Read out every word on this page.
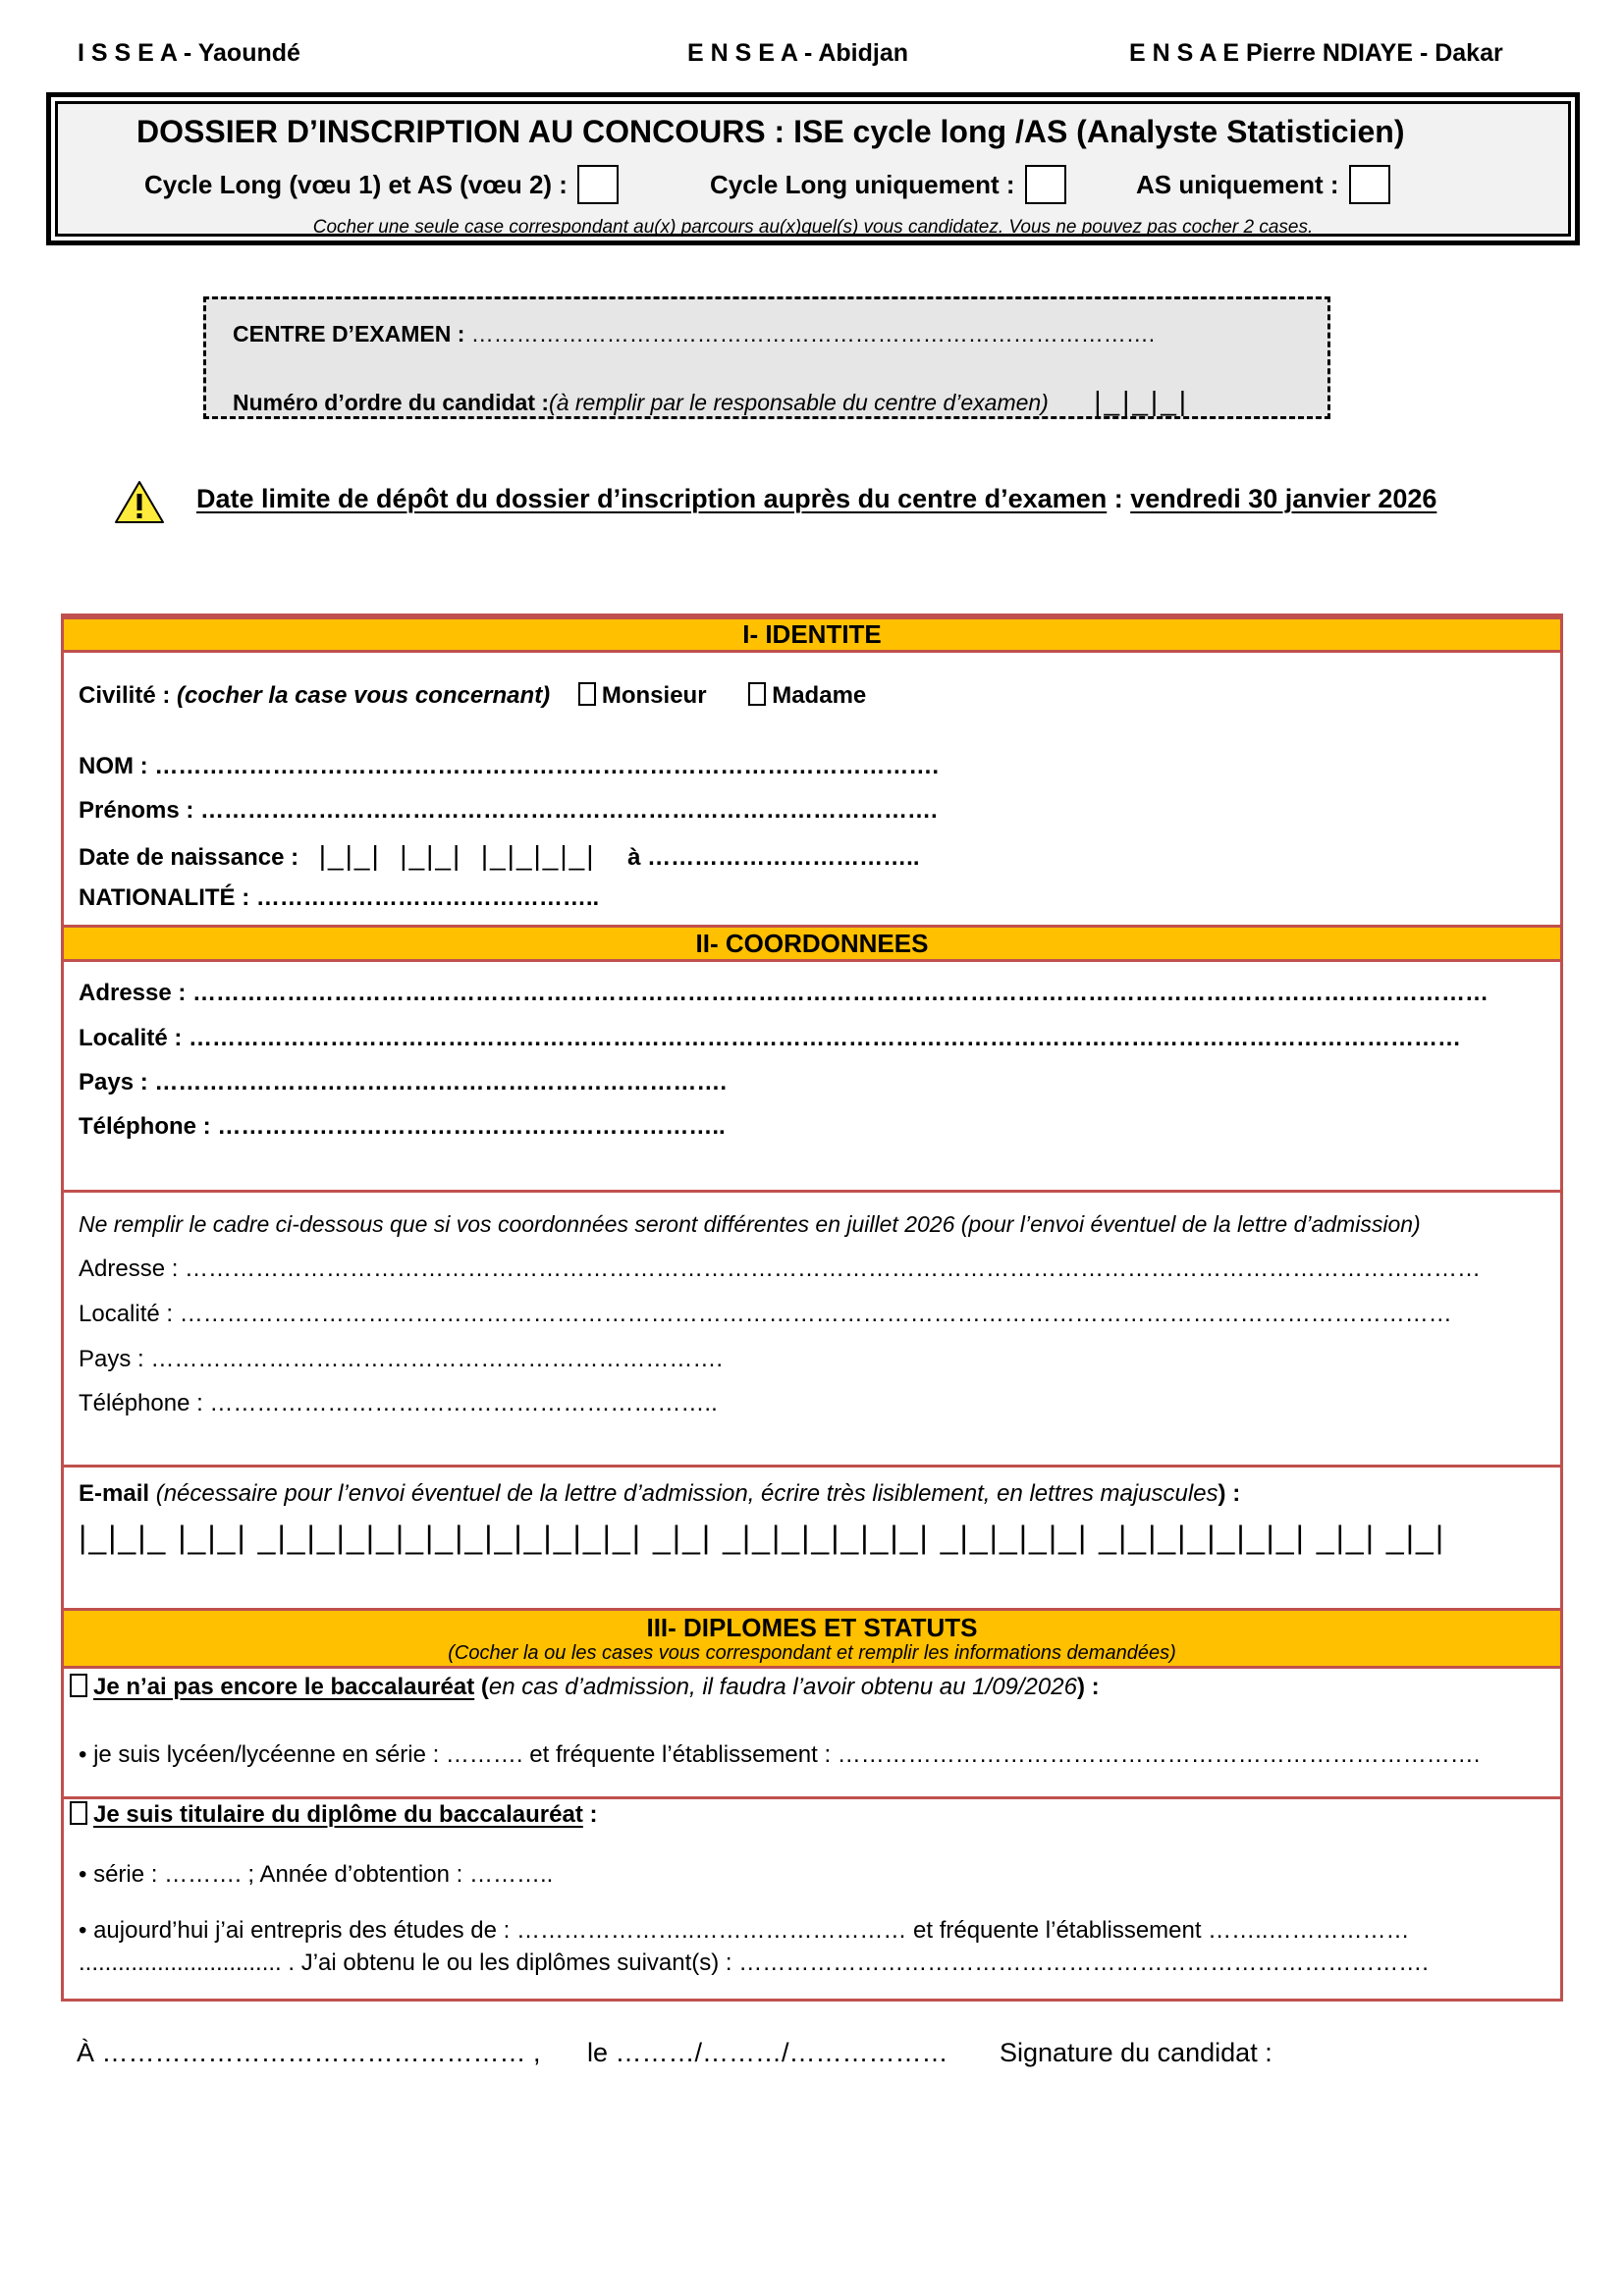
I S S E A - Yaoundé	E N S E A - Abidjan	E N S A E Pierre NDIAYE - Dakar
DOSSIER D’INSCRIPTION AU CONCOURS : ISE cycle long /AS (Analyste Statisticien)
Cycle Long (vœu 1) et AS (vœu 2) :	Cycle Long uniquement :	AS uniquement :
Cocher une seule case correspondant au(x) parcours au(x)quel(s) vous candidatez. Vous ne pouvez pas cocher 2 cases.
CENTRE D’EXAMEN : ……………………………………………………………………………….
Numéro d’ordre du candidat :(à remplir par le responsable du centre d’examen) |_|_|_|
Date limite de dépôt du dossier d’inscription auprès du centre d’examen : vendredi 30 janvier 2026
I- IDENTITE
Civilité : (cocher la case vous concernant) Monsieur	Madame
NOM : ……………………………………………………………………………………….
Prénoms : ………………………………………………………………………………….
Date de naissance : |_|_|  |_|_|  |_|_|_|_| à ……………………………..
NATIONALITÉ : ……………………………………..
II- COORDONNEES
Adresse : …………………………………………………………………………………………………………………………………………………
Localité : ………………………………………………………………………………………………………………………………………………
Pays : ……………………………………………………………….
Téléphone : ………………………………………………………..
Ne remplir le cadre ci-dessous que si vos coordonnées seront différentes en juillet 2026 (pour l’envoi éventuel de la lettre d’admission)
Adresse : …………………………………………………………………………………………………………………………………………………
Localité : ………………………………………………………………………………………………………………………………………………
Pays : ……………………………………………………………….
Téléphone : ………………………………………………………..
E-mail (nécessaire pour l’envoi éventuel de la lettre d’admission, écrire très lisiblement, en lettres majuscules) :
|_|_|_ |_|_| _|_|_|_|_|_|_|_|_|_|_|_|_| _|_| _|_|_|_|_|_|_| _|_|_|_|_| _|_|_|_|_|_|_| _|_| _|_|
III- DIPLOMES ET STATUTS
(Cocher la ou les cases vous correspondant et remplir les informations demandées)
Je n’ai pas encore le baccalauréat (en cas d’admission, il faudra l’avoir obtenu au 1/09/2026) :
• je suis lycéen/lycéenne en série : ………. et fréquente l’établissement : ……………………………………………………………………….
Je suis titulaire du diplôme du baccalauréat :
• série : ………. ; Année d’obtention : ………..
• aujourd’hui j’ai entrepris des études de : …………………..……………………… et fréquente l’établissement ……..………………
............................... . J’ai obtenu le ou les diplômes suivant(s) : …………………………………………………………………………….
À ………………………………………… , le ………/………/……………… Signature du candidat :
